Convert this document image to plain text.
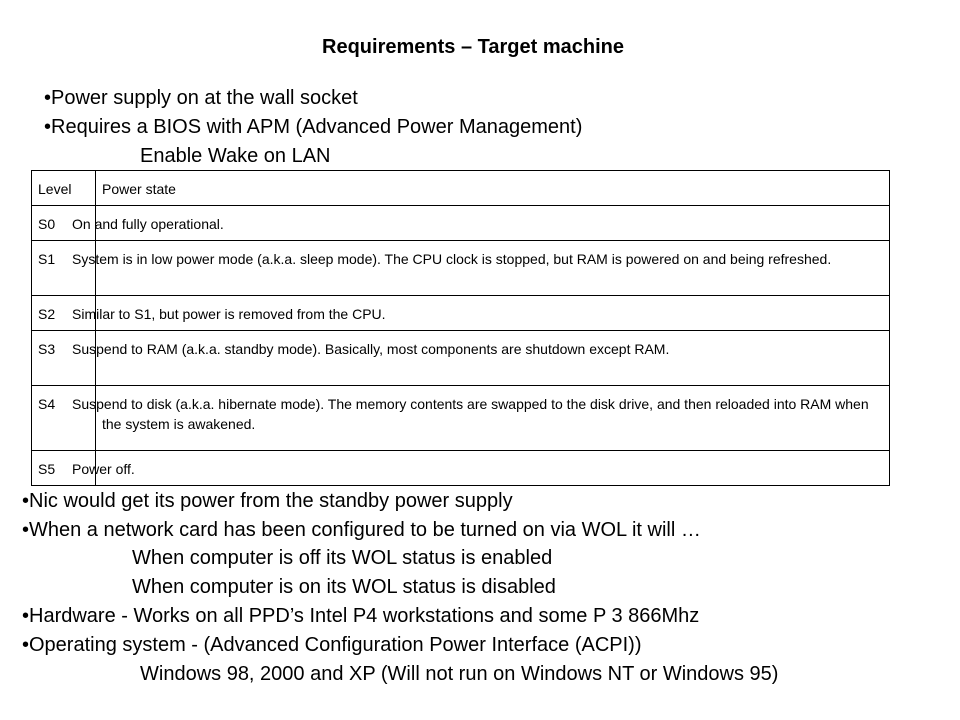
Requirements – Target machine
•Power supply on at the wall socket
•Requires a BIOS with APM (Advanced Power Management)
Enable Wake on LAN
Level	Power state
S0	On and fully operational.
S1	System is in low power mode (a.k.a. sleep mode). The CPU clock is stopped, but RAM is powered on and being refreshed.
S2	Similar to S1, but power is removed from the CPU.
S3	Suspend to RAM (a.k.a. standby mode). Basically, most components are shutdown except RAM.
S4	Suspend to disk (a.k.a. hibernate mode). The memory contents are swapped to the disk drive, and then reloaded into RAM when the system is awakened.
S5	Power off.
•Nic would get its power from the standby power supply
•When a network card has been configured to be turned on via WOL it will …
When computer is off its WOL status is enabled
When computer is on its WOL status is disabled
•Hardware - Works on all PPD’s Intel P4 workstations and some P 3 866Mhz
•Operating system - (Advanced Configuration Power Interface (ACPI))
Windows 98, 2000 and XP (Will not run on Windows NT or Windows 95)
